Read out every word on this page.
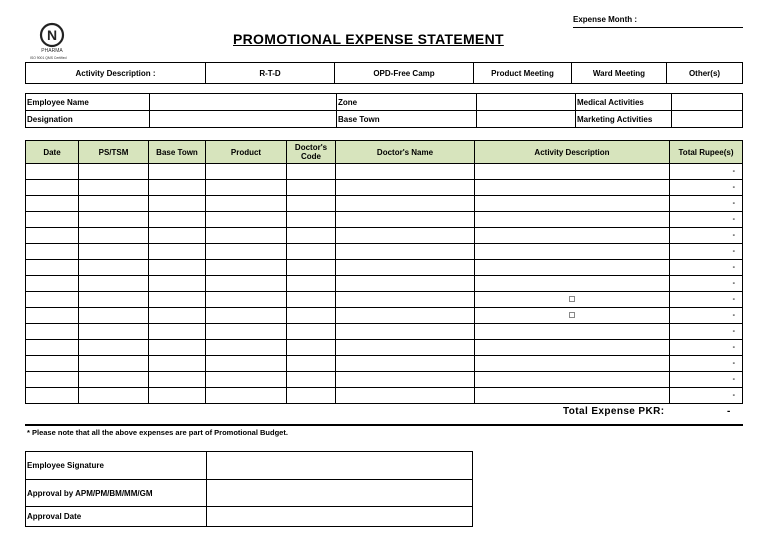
N
PHARMA
ISO 9001 QMS Certified
PROMOTIONAL EXPENSE STATEMENT
Expense Month :
Activity Description :	R-T-D	OPD-Free Camp	Product Meeting	Ward Meeting	Other(s)
Employee Name		Zone		Medical Activities	
Designation		Base Town		Marketing Activities	
Date	PS/TSM	Base Town	Product	Doctor's Code	Doctor's Name	Activity Description	Total Rupee(s)
							-
							-
							-
							-
							-
							-
							-
							-
							-
							-
							-
							-
							-
							-
							-
Total Expense PKR:	-
* Please note that all the above expenses are part of Promotional Budget.
Employee Signature	
Approval by APM/PM/BM/MM/GM	
Approval Date	
